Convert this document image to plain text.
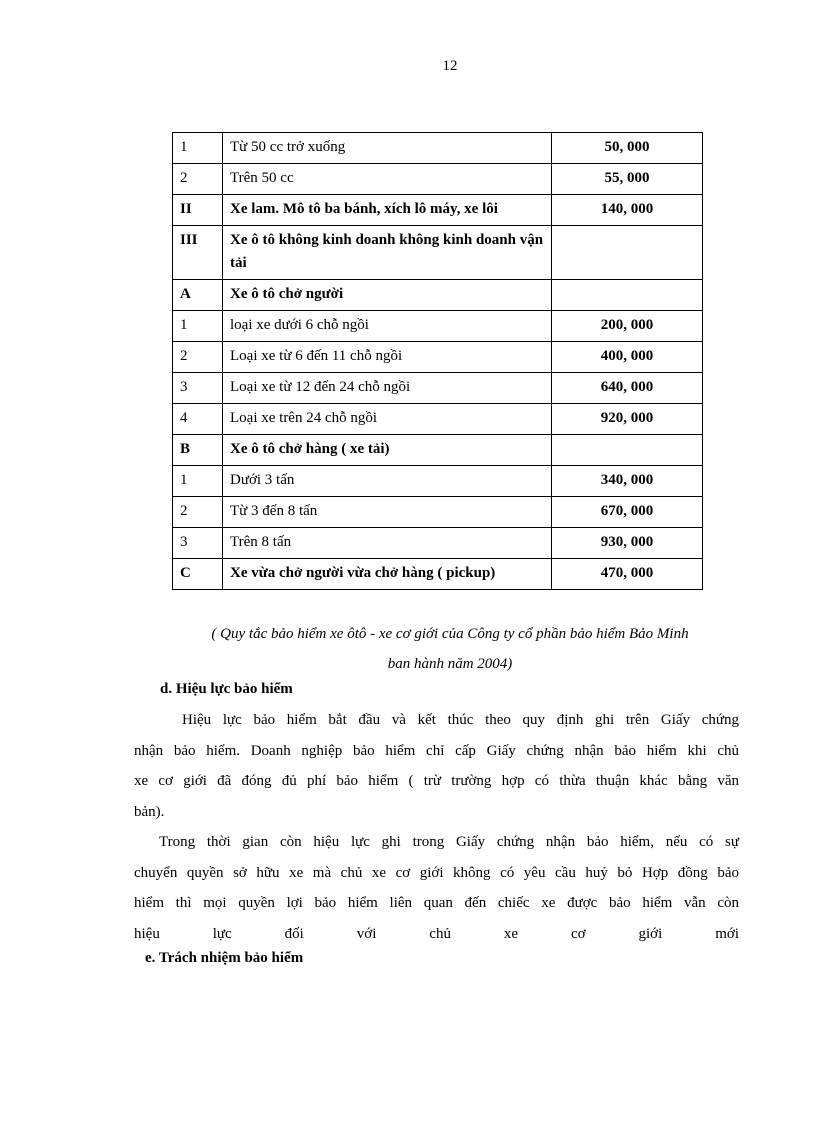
12
1	Từ 50 cc trở xuống	50, 000
2	Trên 50 cc	55, 000
II	Xe lam. Mô tô ba bánh, xích lô máy, xe lôi	140, 000
III	Xe ô tô không kinh doanh không kinh doanh vận tải	
A	Xe ô tô chở người	
1	loại xe dưới 6 chỗ ngồi	200, 000
2	Loại xe từ 6 đến 11 chỗ ngồi	400, 000
3	Loại xe từ 12 đến 24 chỗ ngồi	640, 000
4	Loại xe trên 24 chỗ ngồi	920, 000
B	Xe ô tô chở hàng ( xe tải)	
1	Dưới 3 tấn	340, 000
2	Từ 3 đến 8 tấn	670, 000
3	Trên 8 tấn	930, 000
C	Xe vừa chở người vừa chở hàng ( pickup)	470, 000
( Quy tắc bảo hiểm xe ôtô - xe cơ giới của Công ty cổ phần bảo hiểm Bảo Minh
ban hành năm 2004)
d. Hiệu lực bảo hiểm
Hiệu lực bảo hiểm bắt đầu và kết thúc theo quy định ghi trên Giấy chứng
nhận bảo hiểm. Doanh nghiệp bảo hiểm chỉ cấp Giấy chứng nhận bảo hiểm khi chủ
xe cơ giới đã đóng đủ phí bảo hiểm ( trừ trường hợp có thừa thuận khác bằng văn
bản).
Trong thời gian còn hiệu lực ghi trong Giấy chứng nhận bảo hiểm, nếu có sự
chuyển quyền sở hữu xe mà chủ xe cơ giới không có yêu cầu huỷ bỏ Hợp đồng bảo
hiểm thì mọi quyền lợi bảo hiểm liên quan đến chiếc xe được bảo hiểm vẫn còn
hiệu lực đối với chủ xe cơ giới mới
e. Trách nhiệm bảo hiểm
